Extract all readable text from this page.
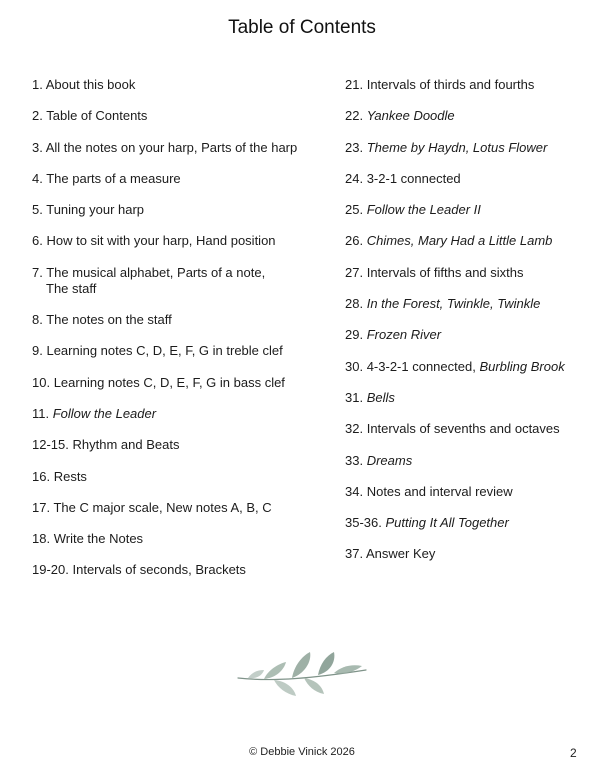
Table of Contents
1. About this book
2. Table of Contents
3. All the notes on your harp, Parts of the harp
4. The parts of a measure
5. Tuning your harp
6. How to sit with your harp, Hand position
7. The musical alphabet, Parts of a note,
The staff
8. The notes on the staff
9. Learning notes C, D, E, F, G in treble clef
10. Learning notes C, D, E, F, G in bass clef
11. Follow the Leader
12-15. Rhythm and Beats
16. Rests
17. The C major scale, New notes A, B, C
18. Write the Notes
19-20. Intervals of seconds, Brackets
21. Intervals of thirds and fourths
22. Yankee Doodle
23. Theme by Haydn, Lotus Flower
24. 3-2-1 connected
25. Follow the Leader II
26. Chimes, Mary Had a Little Lamb
27. Intervals of fifths and sixths
28. In the Forest, Twinkle, Twinkle
29. Frozen River
30. 4-3-2-1 connected, Burbling Brook
31. Bells
32. Intervals of sevenths and octaves
33. Dreams
34. Notes and interval review
35-36. Putting It All Together
37. Answer Key
© Debbie Vinick 2026	2
